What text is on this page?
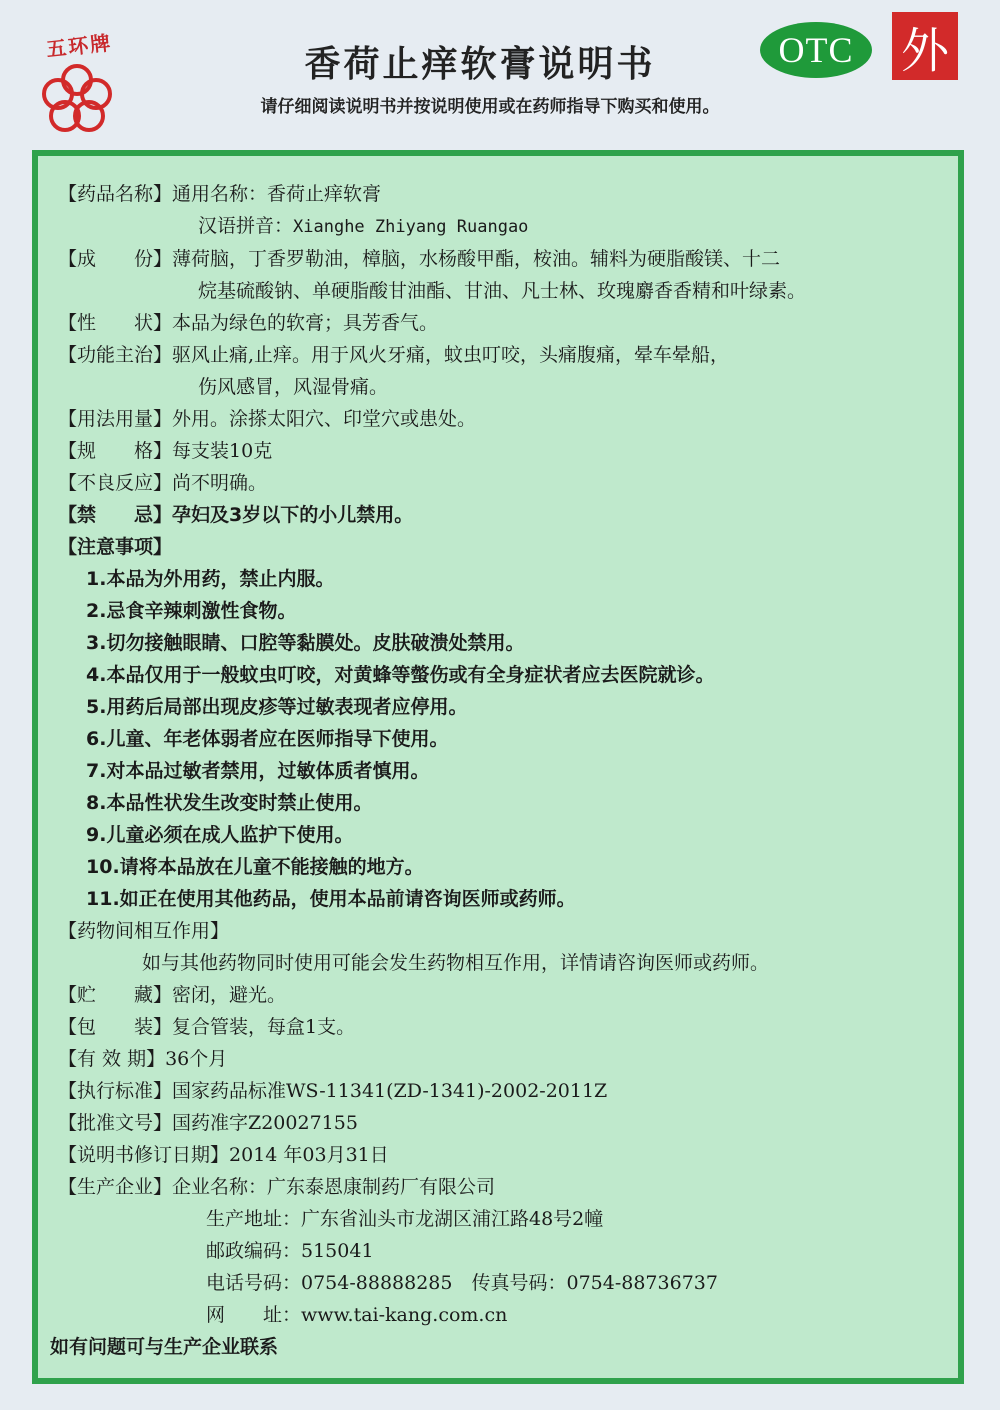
五环牌	香荷止痒软膏说明书
请仔细阅读说明书并按说明使用或在药师指导下购买和使用。
OTC 外
【药品名称】 通用名称：香荷止痒软膏
汉语拼音：Xianghe Zhiyang Ruangao
【成　　份】 薄荷脑，丁香罗勒油，樟脑，水杨酸甲酯，桉油。辅料为硬脂酸镁、十二
烷基硫酸钠、单硬脂酸甘油酯、甘油、凡士林、玫瑰麝香香精和叶绿素。
【性　　状】 本品为绿色的软膏；具芳香气。
【功能主治】 驱风止痛,止痒。用于风火牙痛，蚊虫叮咬，头痛腹痛，晕车晕船，
伤风感冒，风湿骨痛。
【用法用量】 外用。涂搽太阳穴、印堂穴或患处。
【规　　格】 每支装10克
【不良反应】 尚不明确。
【禁　　忌】 孕妇及3岁以下的小儿禁用。
【注意事项】
1.本品为外用药，禁止内服。
2.忌食辛辣刺激性食物。
3.切勿接触眼睛、口腔等黏膜处。皮肤破溃处禁用。
4.本品仅用于一般蚊虫叮咬，对黄蜂等螫伤或有全身症状者应去医院就诊。
5.用药后局部出现皮疹等过敏表现者应停用。
6.儿童、年老体弱者应在医师指导下使用。
7.对本品过敏者禁用，过敏体质者慎用。
8.本品性状发生改变时禁止使用。
9.儿童必须在成人监护下使用。
10.请将本品放在儿童不能接触的地方。
11.如正在使用其他药品，使用本品前请咨询医师或药师。
【药物间相互作用】
如与其他药物同时使用可能会发生药物相互作用，详情请咨询医师或药师。
【贮　　藏】 密闭，避光。
【包　　装】 复合管装，每盒1支。
【有 效 期】 36个月
【执行标准】 国家药品标准WS-11341(ZD-1341)-2002-2011Z
【批准文号】 国药准字Z20027155
【说明书修订日期】 2014 年03月31日
【生产企业】 企业名称：广东泰恩康制药厂有限公司
生产地址：广东省汕头市龙湖区浦江路48号2幢
邮政编码：515041
电话号码：0754-88888285　传真号码：0754-88736737
网　　址：www.tai-kang.com.cn
如有问题可与生产企业联系
